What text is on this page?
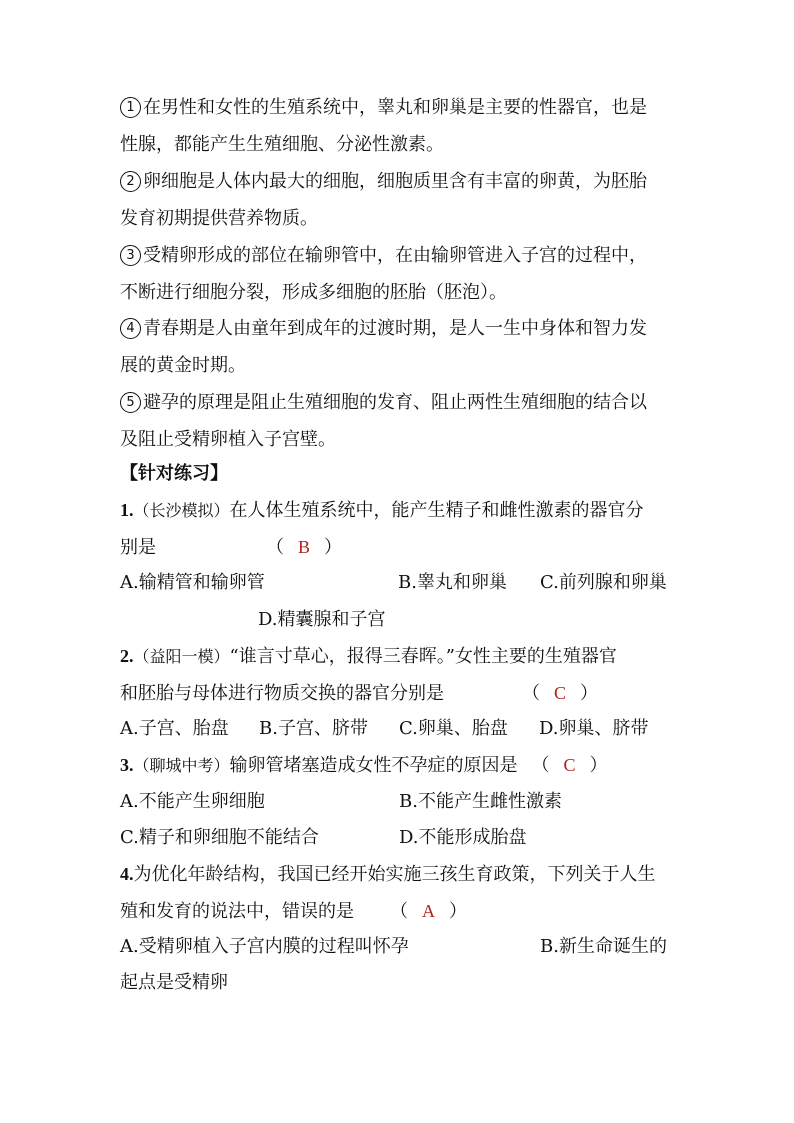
1 在男性和女性的生殖系统中，睾丸和卵巢是主要的性器官，也是
性腺，都能产生生殖细胞、分泌性激素。
2 卵细胞是人体内最大的细胞，细胞质里含有丰富的卵黄，为胚胎
发育初期提供营养物质。
3 受精卵形成的部位在输卵管中，在由输卵管进入子宫的过程中，
不断进行细胞分裂，形成多细胞的胚胎（胚泡）。
4 青春期是人由童年到成年的过渡时期，是人一生中身体和智力发
展的黄金时期。
5 避孕的原理是阻止生殖细胞的发育、阻止两性生殖细胞的结合以
及阻止受精卵植入子宫壁。
【针对练习】
1.（长沙模拟）在人体生殖系统中，能产生精子和雌性激素的器官分
别是	（ B ）
A.输精管和输卵管	B.睾丸和卵巢 C.前列腺和卵巢
D.精囊腺和子宫
2.（益阳一模）“谁言寸草心，报得三春晖。”女性主要的生殖器官
和胚胎与母体进行物质交换的器官分别是	（ C ）
A.子宫、胎盘 B.子宫、脐带 C.卵巢、胎盘 D.卵巢、脐带
3.（聊城中考）输卵管堵塞造成女性不孕症的原因是 （ C ）
A.不能产生卵细胞	B.不能产生雌性激素
C.精子和卵细胞不能结合	D.不能形成胎盘
4.为优化年龄结构，我国已经开始实施三孩生育政策，下列关于人生
殖和发育的说法中，错误的是 （ A ）
A.受精卵植入子宫内膜的过程叫怀孕	B.新生命诞生的
起点是受精卵
